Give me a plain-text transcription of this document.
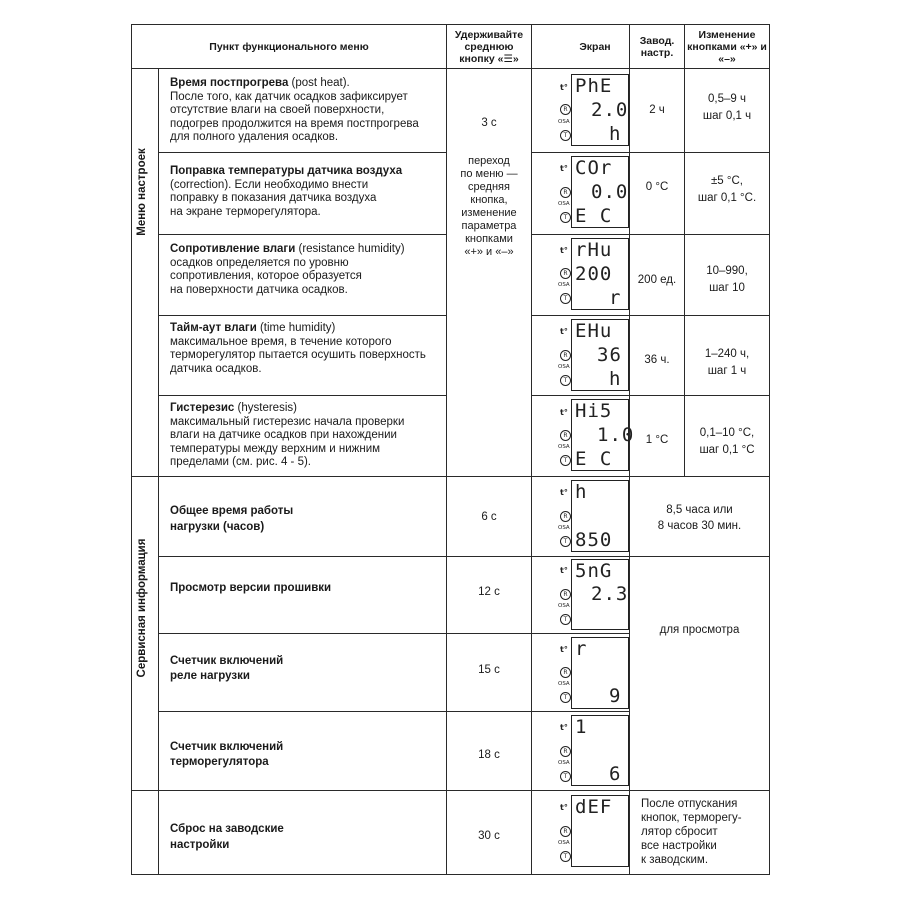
Пункт функционального меню
Удерживайте среднюю кнопку «☰»
Экран	Завод. настр.
Изменение кнопками «+» и «–»
Меню настроек
Сервисная информация
Время постпрогрева (post heat).
После того, как датчик осадков зафиксирует
отсутствие влаги на своей поверхности,
подогрев продолжится на время постпрогрева
для полного удаления осадков.
Поправка температуры датчика воздуха
(correction). Если необходимо внести
поправку в показания датчика воздуха
на экране терморегулятора.
Сопротивление влаги (resistance humidity)
осадков определяется по уровню
сопротивления, которое образуется
на поверхности датчика осадков.
Тайм-аут влаги (time humidity)
максимальное время, в течение которого
терморегулятор пытается осушить поверхность
датчика осадков.
Гистерезис (hysteresis)
максимальный гистерезис начала проверки
влаги на датчике осадков при нахождении
температуры между верхним и нижним
пределами (см. рис. 4 - 5).
Общее время работы
нагрузки (часов)
Просмотр версии прошивки
Счетчик включений
реле нагрузки
Счетчик включений
терморегулятора
Сброс на заводские
настройки
3 с
переход
по меню —
средняя
кнопка,
изменение
параметра
кнопками
«+» и «–»
6 с
12 с
15 с
18 с
30 с
2 ч
0 °C
200 ед.
36 ч.
1 °C
0,5–9 ч
шаг 0,1 ч
±5 °C,
шаг 0,1 °C.
10–990,
шаг 10
1–240 ч,
шаг 1 ч
0,1–10 °C,
шаг 0,1 °C
8,5 часа или
8 часов 30 мин.
для просмотра
После отпускания
кнопок, терморегу-
лятор сбросит
все настройки
к заводским.
t°
R
OSA
T
PhE
2.0
h
t°
R
OSA
T
COr
0.0
E C
t°
R
OSA
T
rHu
200
r
t°
R
OSA
T
EHu
36
h
t°
R
OSA
T
Hi5
1.0
E C
t°
R
OSA
T
h
850
t°
R
OSA
T
5nG
2.3
t°
R
OSA
T
r
9
t°
R
OSA
T
1
6
t°
R
OSA
T
dEF
